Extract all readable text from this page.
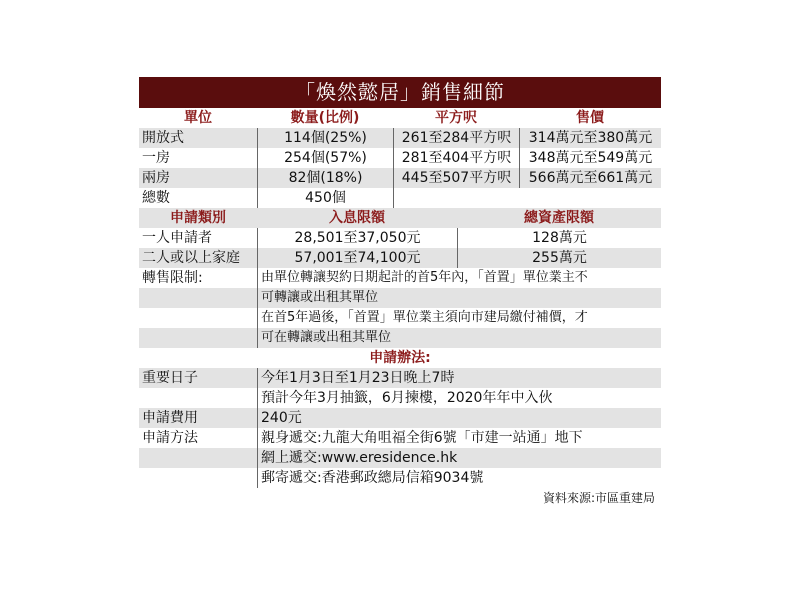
「煥然懿居」銷售細節
單位	數量(比例)	平方呎	售價
開放式	114個(25%)	261至284平方呎	314萬元至380萬元
一房	254個(57%)	281至404平方呎	348萬元至549萬元
兩房	82個(18%)	445至507平方呎	566萬元至661萬元
總數	450個
申請類別	入息限額	總資產限額
一人申請者	28,501至37,050元	128萬元
二人或以上家庭	57,001至74,100元	255萬元
轉售限制:	由單位轉讓契約日期起計的首5年內，「首置」單位業主不
可轉讓或出租其單位
在首5年過後，「首置」單位業主須向市建局繳付補價，才
可在轉讓或出租其單位
申請辦法:
重要日子	今年1月3日至1月23日晚上7時
預計今年3月抽籤，6月揀樓，2020年年中入伙
申請費用	240元
申請方法	親身遞交:九龍大角咀福全街6號「市建一站通」地下
網上遞交:www.eresidence.hk
郵寄遞交:香港郵政總局信箱9034號
資料來源:市區重建局
